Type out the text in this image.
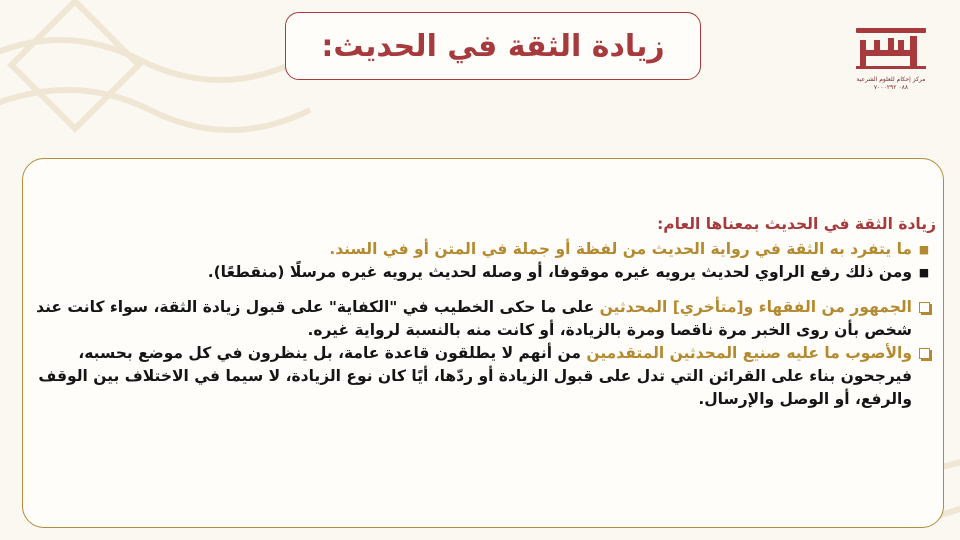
زيادة الثقة في الحديث:
مركز إحكام للعلوم الشرعية
٠٨٨ ٧٠٠٠٢٩٢
زيادة الثقة في الحديث بمعناها العام:
■
ما يتفرد به الثقة في رواية الحديث من لفظة أو جملة في المتن أو في السند.
■
ومن ذلك رفع الراوي لحديث يرويه غيره موقوفا، أو وصله لحديث يرويه غيره مرسلًا (منقطعًا).
الجمهور من الفقهاء و[متأخري] المحدثين على ما حكى الخطيب في "الكفاية" على قبول زيادة الثقة، سواء كانت عند شخص بأن روى الخبر مرة ناقصا ومرة بالزيادة، أو كانت منه بالنسبة لرواية غيره.
والأصوب ما عليه صنيع المحدثين المتقدمين من أنهم لا يطلقون قاعدة عامة، بل ينظرون في كل موضع بحسبه، فيرجحون بناء على القرائن التي تدل على قبول الزيادة أو ردّها، أيًا كان نوع الزيادة، لا سيما في الاختلاف بين الوقف والرفع، أو الوصل والإرسال.
